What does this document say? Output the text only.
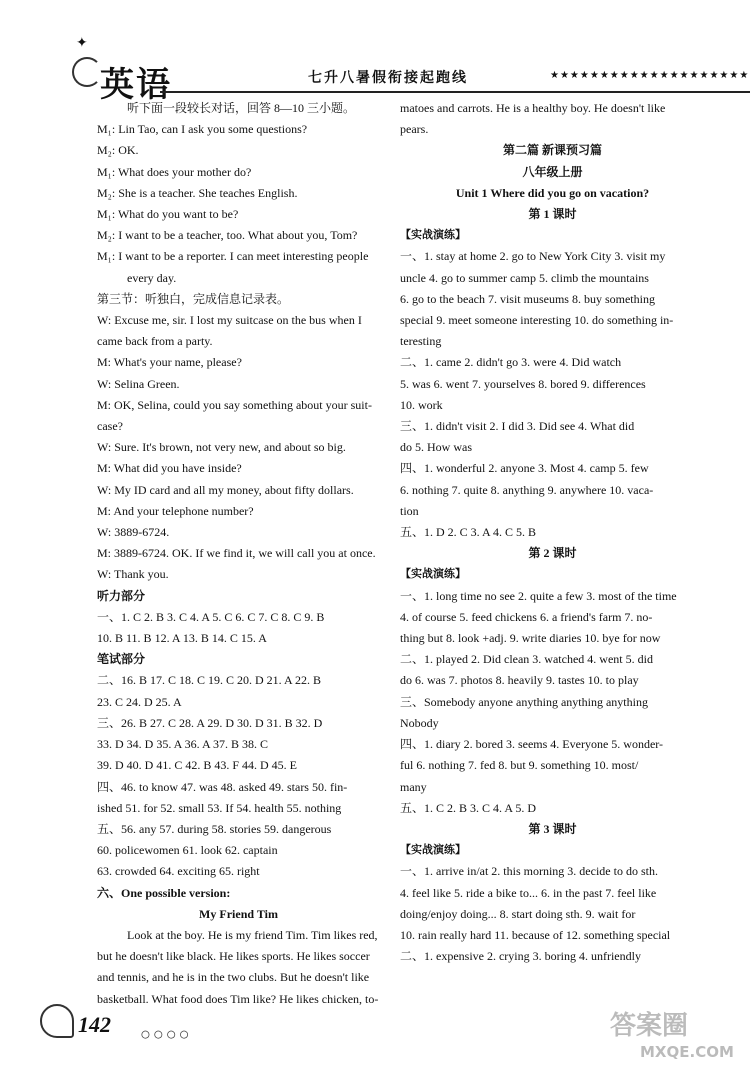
✦
英语	七升八暑假衔接起跑线	★★★★★★★★★★★★★★★★★★★★
听下面一段较长对话，回答 8—10 三小题。
M₁: Lin Tao, can I ask you some questions?
M₂: OK.
M₁: What does your mother do?
M₂: She is a teacher. She teaches English.
M₁: What do you want to be?
M₂: I want to be a teacher, too. What about you, Tom?
M₁: I want to be a reporter. I can meet interesting people
every day.
第三节：听独白，完成信息记录表。
W: Excuse me, sir. I lost my suitcase on the bus when I
came back from a party.
M: What's your name, please?
W: Selina Green.
M: OK, Selina, could you say something about your suit-
case?
W: Sure. It's brown, not very new, and about so big.
M: What did you have inside?
W: My ID card and all my money, about fifty dollars.
M: And your telephone number?
W: 3889-6724.
M: 3889-6724. OK. If we find it, we will call you at once.
W: Thank you.
听力部分
一、1. C 2. B 3. C 4. A 5. C 6. C 7. C 8. C 9. B
10. B 11. B 12. A 13. B 14. C 15. A
笔试部分
二、16. B 17. C 18. C 19. C 20. D 21. A 22. B
23. C 24. D 25. A
三、26. B 27. C 28. A 29. D 30. D 31. B 32. D
33. D 34. D 35. A 36. A 37. B 38. C
39. D 40. D 41. C 42. B 43. F 44. D 45. E
四、46. to know 47. was 48. asked 49. stars 50. fin-
ished 51. for 52. small 53. If 54. health 55. nothing
五、56. any 57. during 58. stories 59. dangerous
60. policewomen 61. look 62. captain
63. crowded 64. exciting 65. right
六、One possible version:
My Friend Tim
Look at the boy. He is my friend Tim. Tim likes red,
but he doesn't like black. He likes sports. He likes soccer
and tennis, and he is in the two clubs. But he doesn't like
basketball. What food does Tim like? He likes chicken, to-
matoes and carrots. He is a healthy boy. He doesn't like
pears.
第二篇 新课预习篇
八年级上册
Unit 1 Where did you go on vacation?
第 1 课时
【实战演练】
一、1. stay at home 2. go to New York City 3. visit my
uncle 4. go to summer camp 5. climb the mountains
6. go to the beach 7. visit museums 8. buy something
special 9. meet someone interesting 10. do something in-
teresting
二、1. came 2. didn't go 3. were 4. Did watch
5. was 6. went 7. yourselves 8. bored 9. differences
10. work
三、1. didn't visit 2. I did 3. Did see 4. What did
do 5. How was
四、1. wonderful 2. anyone 3. Most 4. camp 5. few
6. nothing 7. quite 8. anything 9. anywhere 10. vaca-
tion
五、1. D 2. C 3. A 4. C 5. B
第 2 课时
【实战演练】
一、1. long time no see 2. quite a few 3. most of the time
4. of course 5. feed chickens 6. a friend's farm 7. no-
thing but 8. look +adj. 9. write diaries 10. bye for now
二、1. played 2. Did clean 3. watched 4. went 5. did
do 6. was 7. photos 8. heavily 9. tastes 10. to play
三、Somebody anyone anything anything anything
Nobody
四、1. diary 2. bored 3. seems 4. Everyone 5. wonder-
ful 6. nothing 7. fed 8. but 9. something 10. most/
many
五、1. C 2. B 3. C 4. A 5. D
第 3 课时
【实战演练】
一、1. arrive in/at 2. this morning 3. decide to do sth.
4. feel like 5. ride a bike to... 6. in the past 7. feel like
doing/enjoy doing... 8. start doing sth. 9. wait for
10. rain really hard 11. because of 12. something special
二、1. expensive 2. crying 3. boring 4. unfriendly
142 ○○○○	答案圈
MXQE.COM
